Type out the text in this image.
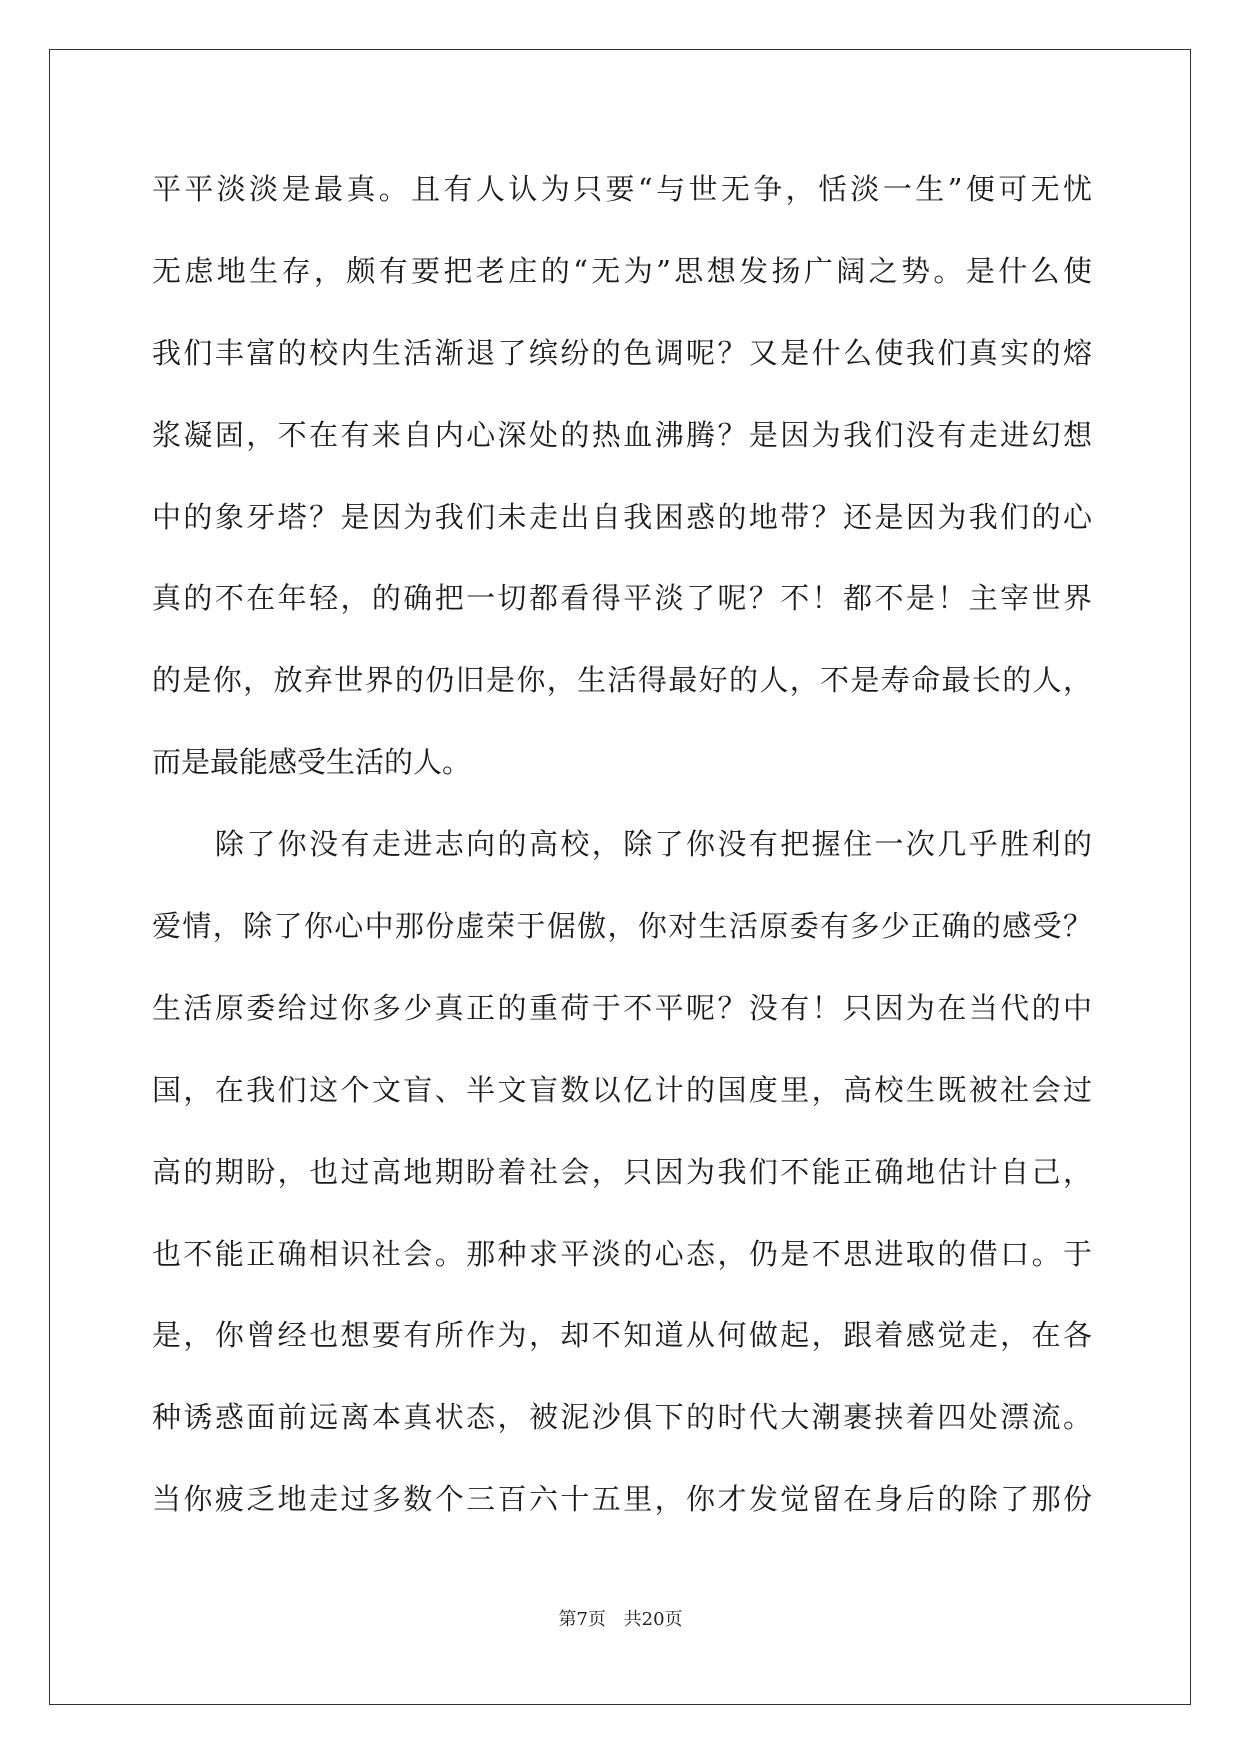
平平淡淡是最真。且有人认为只要“与世无争，恬淡一生”便可无忧
无虑地生存，颇有要把老庄的“无为”思想发扬广阔之势。是什么使
我们丰富的校内生活渐退了缤纷的色调呢？又是什么使我们真实的熔
浆凝固，不在有来自内心深处的热血沸腾？是因为我们没有走进幻想
中的象牙塔？是因为我们未走出自我困惑的地带？还是因为我们的心
真的不在年轻，的确把一切都看得平淡了呢？不！都不是！主宰世界
的是你，放弃世界的仍旧是你，生活得最好的人，不是寿命最长的人，
而是最能感受生活的人。
　　除了你没有走进志向的高校，除了你没有把握住一次几乎胜利的
爱情，除了你心中那份虚荣于倨傲，你对生活原委有多少正确的感受？
生活原委给过你多少真正的重荷于不平呢？没有！只因为在当代的中
国，在我们这个文盲、半文盲数以亿计的国度里，高校生既被社会过
高的期盼，也过高地期盼着社会，只因为我们不能正确地估计自己，
也不能正确相识社会。那种求平淡的心态，仍是不思进取的借口。于
是，你曾经也想要有所作为，却不知道从何做起，跟着感觉走，在各
种诱惑面前远离本真状态，被泥沙俱下的时代大潮裹挟着四处漂流。
当你疲乏地走过多数个三百六十五里，你才发觉留在身后的除了那份
第7页 共20页
